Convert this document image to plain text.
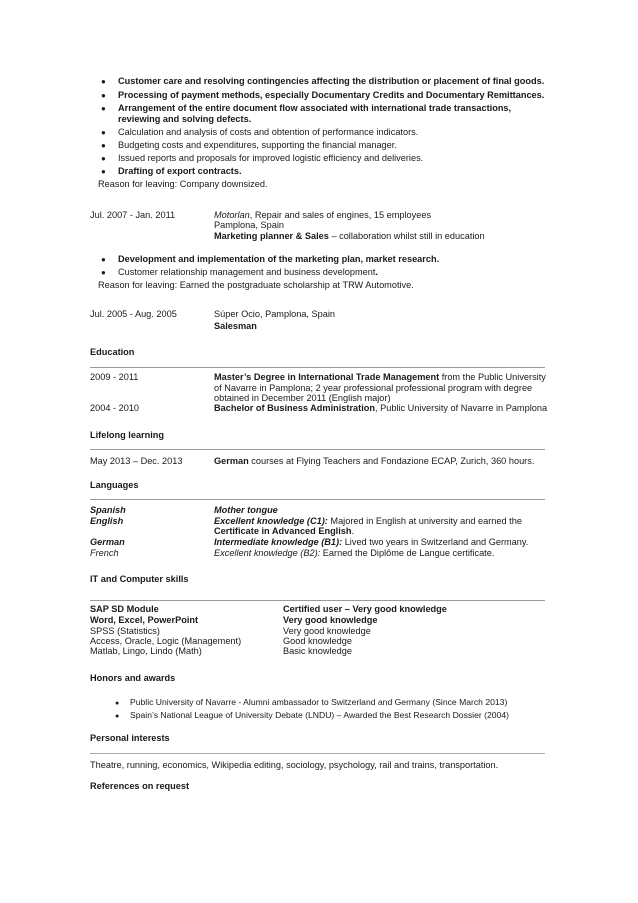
● Customer care and resolving contingencies affecting the distribution or placement of final goods.
● Processing of payment methods, especially Documentary Credits and Documentary Remittances.
● Arrangement of the entire document flow associated with international trade transactions,
reviewing and solving defects.
● Calculation and analysis of costs and obtention of performance indicators.
● Budgeting costs and expenditures, supporting the financial manager.
● Issued reports and proposals for improved logistic efficiency and deliveries.
● Drafting of export contracts.
Reason for leaving: Company downsized.
Jul. 2007 - Jan. 2011	Motorlan, Repair and sales of engines, 15 employees
Pamplona, Spain
Marketing planner & Sales – collaboration whilst still in education
● Development and implementation of the marketing plan, market research.
● Customer relationship management and business development.
Reason for leaving: Earned the postgraduate scholarship at TRW Automotive.
Jul. 2005 - Aug. 2005	Súper Ocio, Pamplona, Spain
Salesman
Education
2009 - 2011	Master’s Degree in International Trade Management from the Public University
of Navarre in Pamplona; 2 year professional professional program with degree
obtained in December 2011 (English major)
2004 - 2010	Bachelor of Business Administration, Public University of Navarre in Pamplona
Lifelong learning
May 2013 – Dec. 2013	German courses at Flying Teachers and Fondazione ECAP, Zurich, 360 hours.
Languages
Spanish	Mother tongue
English	Excellent knowledge (C1): Majored in English at university and earned the
Certificate in Advanced English.
German	Intermediate knowledge (B1): Lived two years in Switzerland and Germany.
French	Excellent knowledge (B2): Earned the Diplôme de Langue certificate.
IT and Computer skills
SAP SD Module	Certified user – Very good knowledge
Word, Excel, PowerPoint	Very good knowledge
SPSS (Statistics)	Very good knowledge
Access, Oracle, Logic (Management)	Good knowledge
Matlab, Lingo, Lindo (Math)	Basic knowledge
Honors and awards
● Public University of Navarre - Alumni ambassador to Switzerland and Germany (Since March 2013)
● Spain’s National League of University Debate (LNDU) – Awarded the Best Research Dossier (2004)
Personal interests
Theatre, running, economics, Wikipedia editing, sociology, psychology, rail and trains, transportation.
References on request
